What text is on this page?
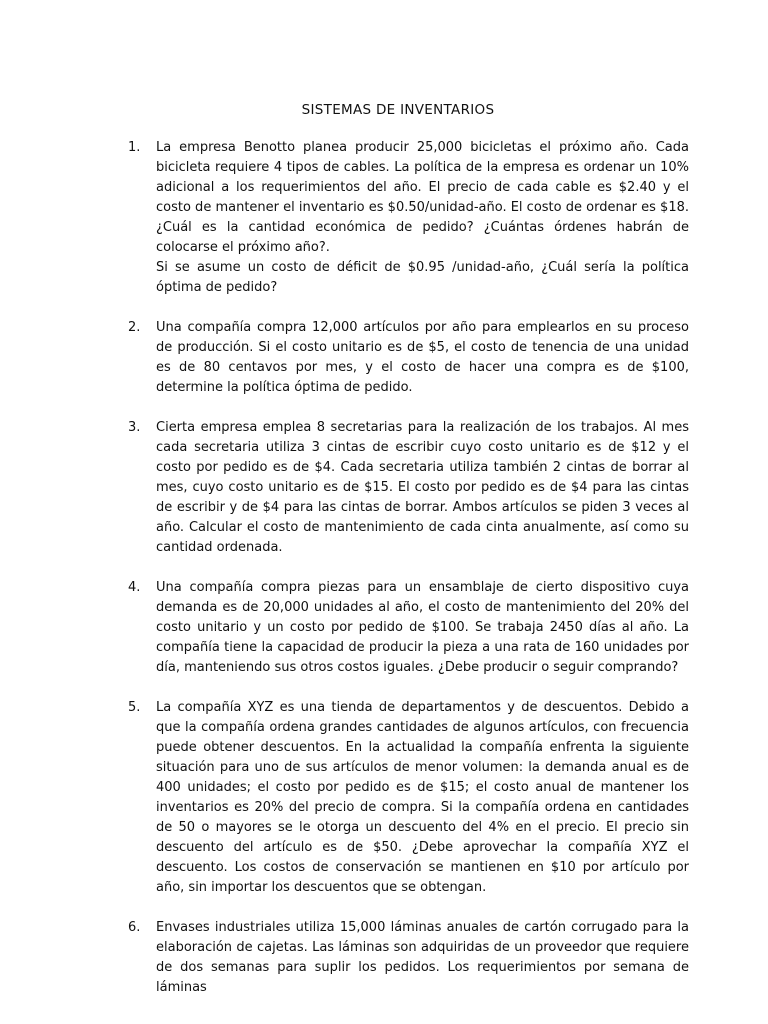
SISTEMAS DE INVENTARIOS
1. La empresa Benotto planea producir 25,000 bicicletas el próximo año. Cada bicicleta requiere 4 tipos de cables. La política de la empresa es ordenar un 10% adicional a los requerimientos del año. El precio de cada cable es $2.40 y el costo de mantener el inventario es $0.50/unidad-año. El costo de ordenar es $18. ¿Cuál es la cantidad económica de pedido? ¿Cuántas órdenes habrán de colocarse el próximo año?.
Si se asume un costo de déficit de $0.95 /unidad-año, ¿Cuál sería la política óptima de pedido?
2. Una compañía compra 12,000 artículos por año para emplearlos en su proceso de producción. Si el costo unitario es de $5, el costo de tenencia de una unidad es de 80 centavos por mes, y el costo de hacer una compra es de $100, determine la política óptima de pedido.
3. Cierta empresa emplea 8 secretarias para la realización de los trabajos. Al mes cada secretaria utiliza 3 cintas de escribir cuyo costo unitario es de $12 y el costo por pedido es de $4. Cada secretaria utiliza también 2 cintas de borrar al mes, cuyo costo unitario es de $15. El costo por pedido es de $4 para las cintas de escribir y de $4 para las cintas de borrar. Ambos artículos se piden 3 veces al año. Calcular el costo de mantenimiento de cada cinta anualmente, así como su cantidad ordenada.
4. Una compañía compra piezas para un ensamblaje de cierto dispositivo cuya demanda es de 20,000 unidades al año, el costo de mantenimiento del 20% del costo unitario y un costo por pedido de $100. Se trabaja 2450 días al año. La compañía tiene la capacidad de producir la pieza a una rata de 160 unidades por día, manteniendo sus otros costos iguales. ¿Debe producir o seguir comprando?
5. La compañía XYZ es una tienda de departamentos y de descuentos. Debido a que la compañía ordena grandes cantidades de algunos artículos, con frecuencia puede obtener descuentos. En la actualidad la compañía enfrenta la siguiente situación para uno de sus artículos de menor volumen: la demanda anual es de 400 unidades; el costo por pedido es de $15; el costo anual de mantener los inventarios es 20% del precio de compra. Si la compañía ordena en cantidades de 50 o mayores se le otorga un descuento del 4% en el precio. El precio sin descuento del artículo es de $50. ¿Debe aprovechar la compañía XYZ el descuento. Los costos de conservación se mantienen en $10 por artículo por año, sin importar los descuentos que se obtengan.
6. Envases industriales utiliza 15,000 láminas anuales de cartón corrugado para la elaboración de cajetas. Las láminas son adquiridas de un proveedor que requiere de dos semanas para suplir los pedidos. Los requerimientos por semana de láminas
